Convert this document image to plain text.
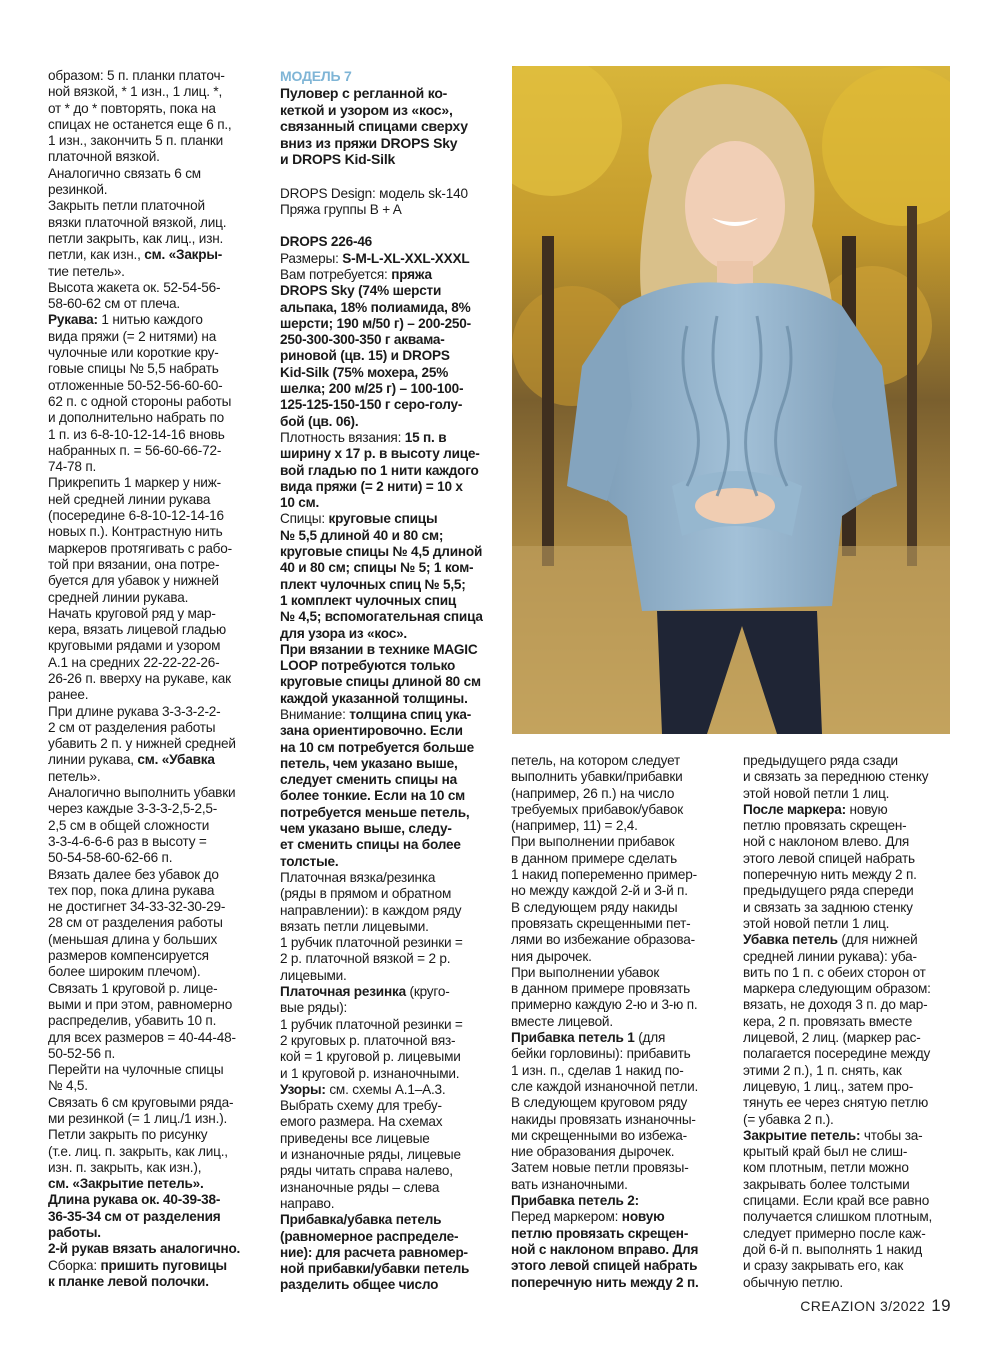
образом: 5 п. планки платоч-

ной вязкой, * 1 изн., 1 лиц. *,

от * до * повторять, пока на

спицах не останется еще 6 п.,

1 изн., закончить 5 п. планки

платочной вязкой.

Аналогично связать 6 см

резинкой.

Закрыть петли платочной

вязки платочной вязкой, лиц.

петли закрыть, как лиц., изн.

петли, как изн., см. «Закры-

тие петель».

Высота жакета ок. 52-54-56-

58-60-62 см от плеча.

Рукава: 1 нитью каждого

вида пряжи (= 2 нитями) на

чулочные или короткие кру-

говые спицы № 5,5 набрать

отложенные 50-52-56-60-60-

62 п. с одной стороны работы

и дополнительно набрать по

1 п. из 6-8-10-12-14-16 вновь

набранных п. = 56-60-66-72-

74-78 п.

Прикрепить 1 маркер у ниж-

ней средней линии рукава

(посередине 6-8-10-12-14-16

новых п.). Контрастную нить

маркеров протягивать с рабо-

той при вязании, она потре-

буется для убавок у нижней

средней линии рукава.

Начать круговой ряд у мар-

кера, вязать лицевой гладью

круговыми рядами и узором

A.1 на средних 22-22-22-26-

26-26 п. вверху на рукаве, как

ранее.

При длине рукава 3-3-3-2-2-

2 см от разделения работы

убавить 2 п. у нижней средней

линии рукава, см. «Убавка

петель».

Аналогично выполнить убавки

через каждые 3-3-3-2,5-2,5-

2,5 см в общей сложности

3-3-4-6-6-6 раз в высоту =

50-54-58-60-62-66 п.

Вязать далее без убавок до

тех пор, пока длина рукава

не достигнет 34-33-32-30-29-

28 см от разделения работы

(меньшая длина у больших

размеров компенсируется

более широким плечом).

Связать 1 круговой р. лице-

выми и при этом, равномерно

распределив, убавить 10 п.

для всех размеров = 40-44-48-

50-52-56 п.

Перейти на чулочные спицы

№ 4,5.

Связать 6 см круговыми рядa-

ми резинкой (= 1 лиц./1 изн.).

Петли закрыть по рисунку

(т.е. лиц. п. закрыть, как лиц.,

изн. п. закрыть, как изн.),

см. «Закрытие петель».

Длина рукава ок. 40-39-38-

36-35-34 см от разделения

работы.

2-й рукав вязать аналогично.

Сборка: пришить пуговицы

к планке левой полочки.

МОДЕЛЬ 7

Пуловер с регланной ко-

кеткой и узором из «кос»,

связанный спицами сверху

вниз из пряжи DROPS Sky

и DROPS Kid-Silk

DROPS Design: модель sk-140

Пряжа группы B + A

DROPS 226-46

Размеры: S-M-L-XL-XXL-XXXL

Вам потребуется: пряжа

DROPS Sky (74% шерсти

альпака, 18% полиамида, 8%

шерсти; 190 м/50 г) – 200-250-

250-300-300-350 г аквама-

риновой (цв. 15) и DROPS

Kid-Silk (75% мохера, 25%

шелка; 200 м/25 г) – 100-100-

125-125-150-150 г серо-голу-

бой (цв. 06).

Плотность вязания: 15 п. в

ширину х 17 р. в высоту лице-

вой гладью по 1 нити каждого

вида пряжи (= 2 нити) = 10 х

10 см.

Спицы: круговые спицы

№ 5,5 длиной 40 и 80 см;

круговые спицы № 4,5 длиной

40 и 80 см; спицы № 5; 1 ком-

плект чулочных спиц № 5,5;

1 комплект чулочных спиц

№ 4,5; вспомогательная спица

для узора из «кос».

При вязании в технике MAGIC

LOOP потребуются только

круговые спицы длиной 80 см

каждой указанной толщины.

Внимание: толщина спиц ука-

зана ориентировочно. Если

на 10 см потребуется больше

петель, чем указано выше,

следует сменить спицы на

более тонкие. Если на 10 см

потребуется меньше петель,

чем указано выше, следу-

ет сменить спицы на более

толстые.

Платочная вязка/резинка

(ряды в прямом и обратном

направлении): в каждом ряду

вязать петли лицевыми.

1 рубчик платочной резинки =

2 р. платочной вязкой = 2 р.

лицевыми.

Платочная резинка (круго-

вые ряды):

1 рубчик платочной резинки =

2 круговых р. платочной вяз-

кой = 1 круговой р. лицевыми

и 1 круговой р. изнаночными.

Узоры: см. схемы A.1–A.3.

Выбрать схему для требу-

емого размера. На схемах

приведены все лицевые

и изнаночные ряды, лицевые

ряды читать справа налево,

изнаночные ряды – слева

направо.

Прибавка/убавка петель

(равномерное распределе-

ние): для расчета равномер-

ной прибавки/убавки петель

разделить общее число

петель, на котором следует

выполнить убавки/прибавки

(например, 26 п.) на число

требуемых прибавок/убавок

(например, 11) = 2,4.

При выполнении прибавок

в данном примере сделать

1 накид попеременно пример-

но между каждой 2-й и 3-й п.

В следующем ряду накиды

провязать скрещенными пет-

лями во избежание образова-

ния дырочек.

При выполнении убавок

в данном примере провязать

примерно каждую 2-ю и 3-ю п.

вместе лицевой.

Прибавка петель 1 (для

бейки горловины): прибавить

1 изн. п., сделав 1 накид по-

сле каждой изнаночной петли.

В следующем круговом ряду

накиды провязать изнаночны-

ми скрещенными во избежа-

ние образования дырочек.

Затем новые петли провязы-

вать изнаночными.

Прибавка петель 2:

Перед маркером: новую

петлю провязать скрещен-

ной с наклоном вправо. Для

этого левой спицей набрать

поперечную нить между 2 п.

предыдущего ряда сзади

и связать за переднюю стенку

этой новой петли 1 лиц.

После маркера: новую

петлю провязать скрещен-

ной с наклоном влево. Для

этого левой спицей набрать

поперечную нить между 2 п.

предыдущего ряда спереди

и связать за заднюю стенку

этой новой петли 1 лиц.

Убавка петель (для нижней

средней линии рукава): уба-

вить по 1 п. с обеих сторон от

маркера следующим образом:

вязать, не доходя 3 п. до мар-

кера, 2 п. провязать вместе

лицевой, 2 лиц. (маркер рас-

полагается посередине между

этими 2 п.), 1 п. снять, как

лицевую, 1 лиц., затем про-

тянуть ее через снятую петлю

(= убавка 2 п.).

Закрытие петель: чтобы за-

крытый край был не слиш-

ком плотным, петли можно

закрывать более толстыми

спицами. Если край все равно

получается слишком плотным,

следует примерно после каж-

дой 6-й п. выполнять 1 накид

и сразу закрывать его, как

обычную петлю.

CREAZION 3/2022 19
